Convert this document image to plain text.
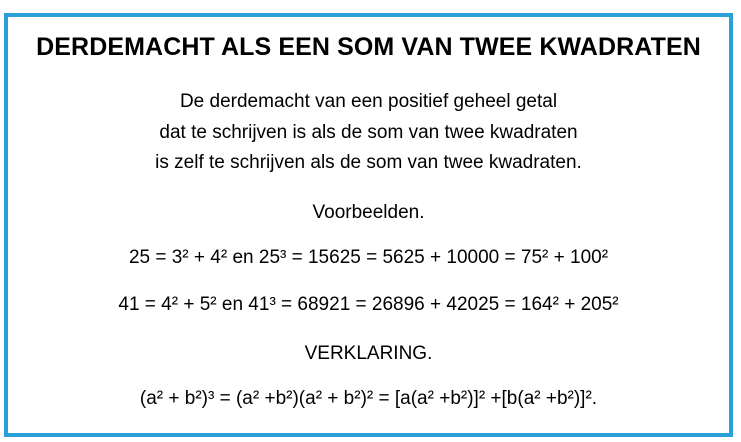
DERDEMACHT ALS EEN SOM VAN TWEE KWADRATEN
De derdemacht van een positief geheel getal
dat te schrijven is als de som van twee kwadraten
is zelf te schrijven als de som van twee kwadraten.
Voorbeelden.
25 = 3² + 4² en 25³ = 15625 = 5625 + 10000 = 75² + 100²
41 = 4² + 5² en 41³ = 68921 = 26896 + 42025 = 164² + 205²
VERKLARING.
(a² + b²)³ = (a² +b²)(a² + b²)² = [a(a² +b²)]² +[b(a² +b²)]².
